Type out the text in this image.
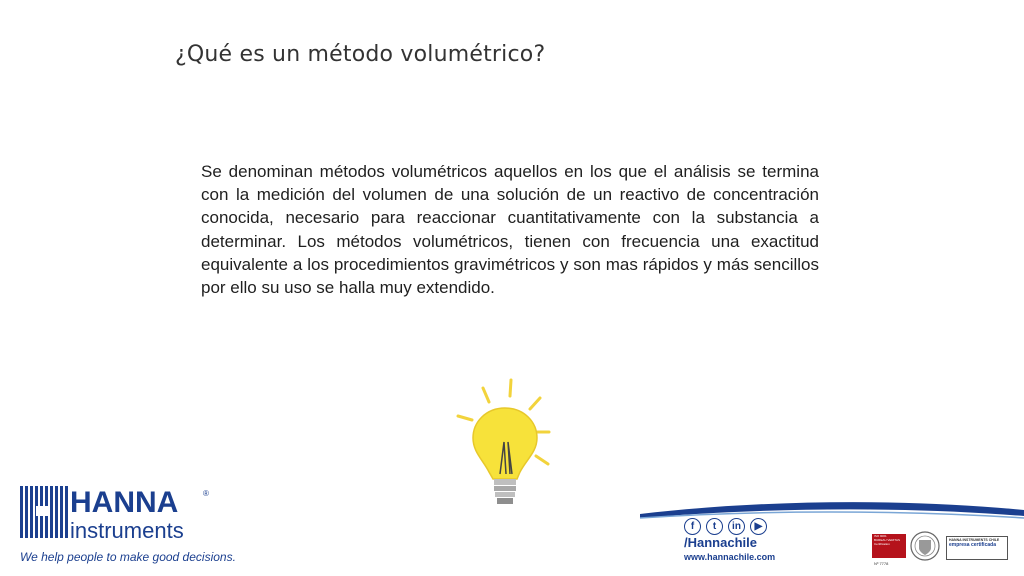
¿Qué es un método volumétrico?
Se denominan métodos volumétricos aquellos en los que el análisis se termina con la medición del volumen de una solución de un reactivo de concentración conocida, necesario para reaccionar cuantitativamente con la substancia a determinar. Los métodos volumétricos, tienen con frecuencia una exactitud equivalente a los procedimientos gravimétricos y son mas rápidos y más sencillos por ello su uso se halla muy extendido.
HANNA	®
instruments
We help people to make good decisions.
f	t	in	▶
/Hannachile
www.hannachile.com
ISO 9001
BUREAU VERITAS
Certification
HANNA INSTRUMENTS CHILE
empresa certificada
Nº 7778
